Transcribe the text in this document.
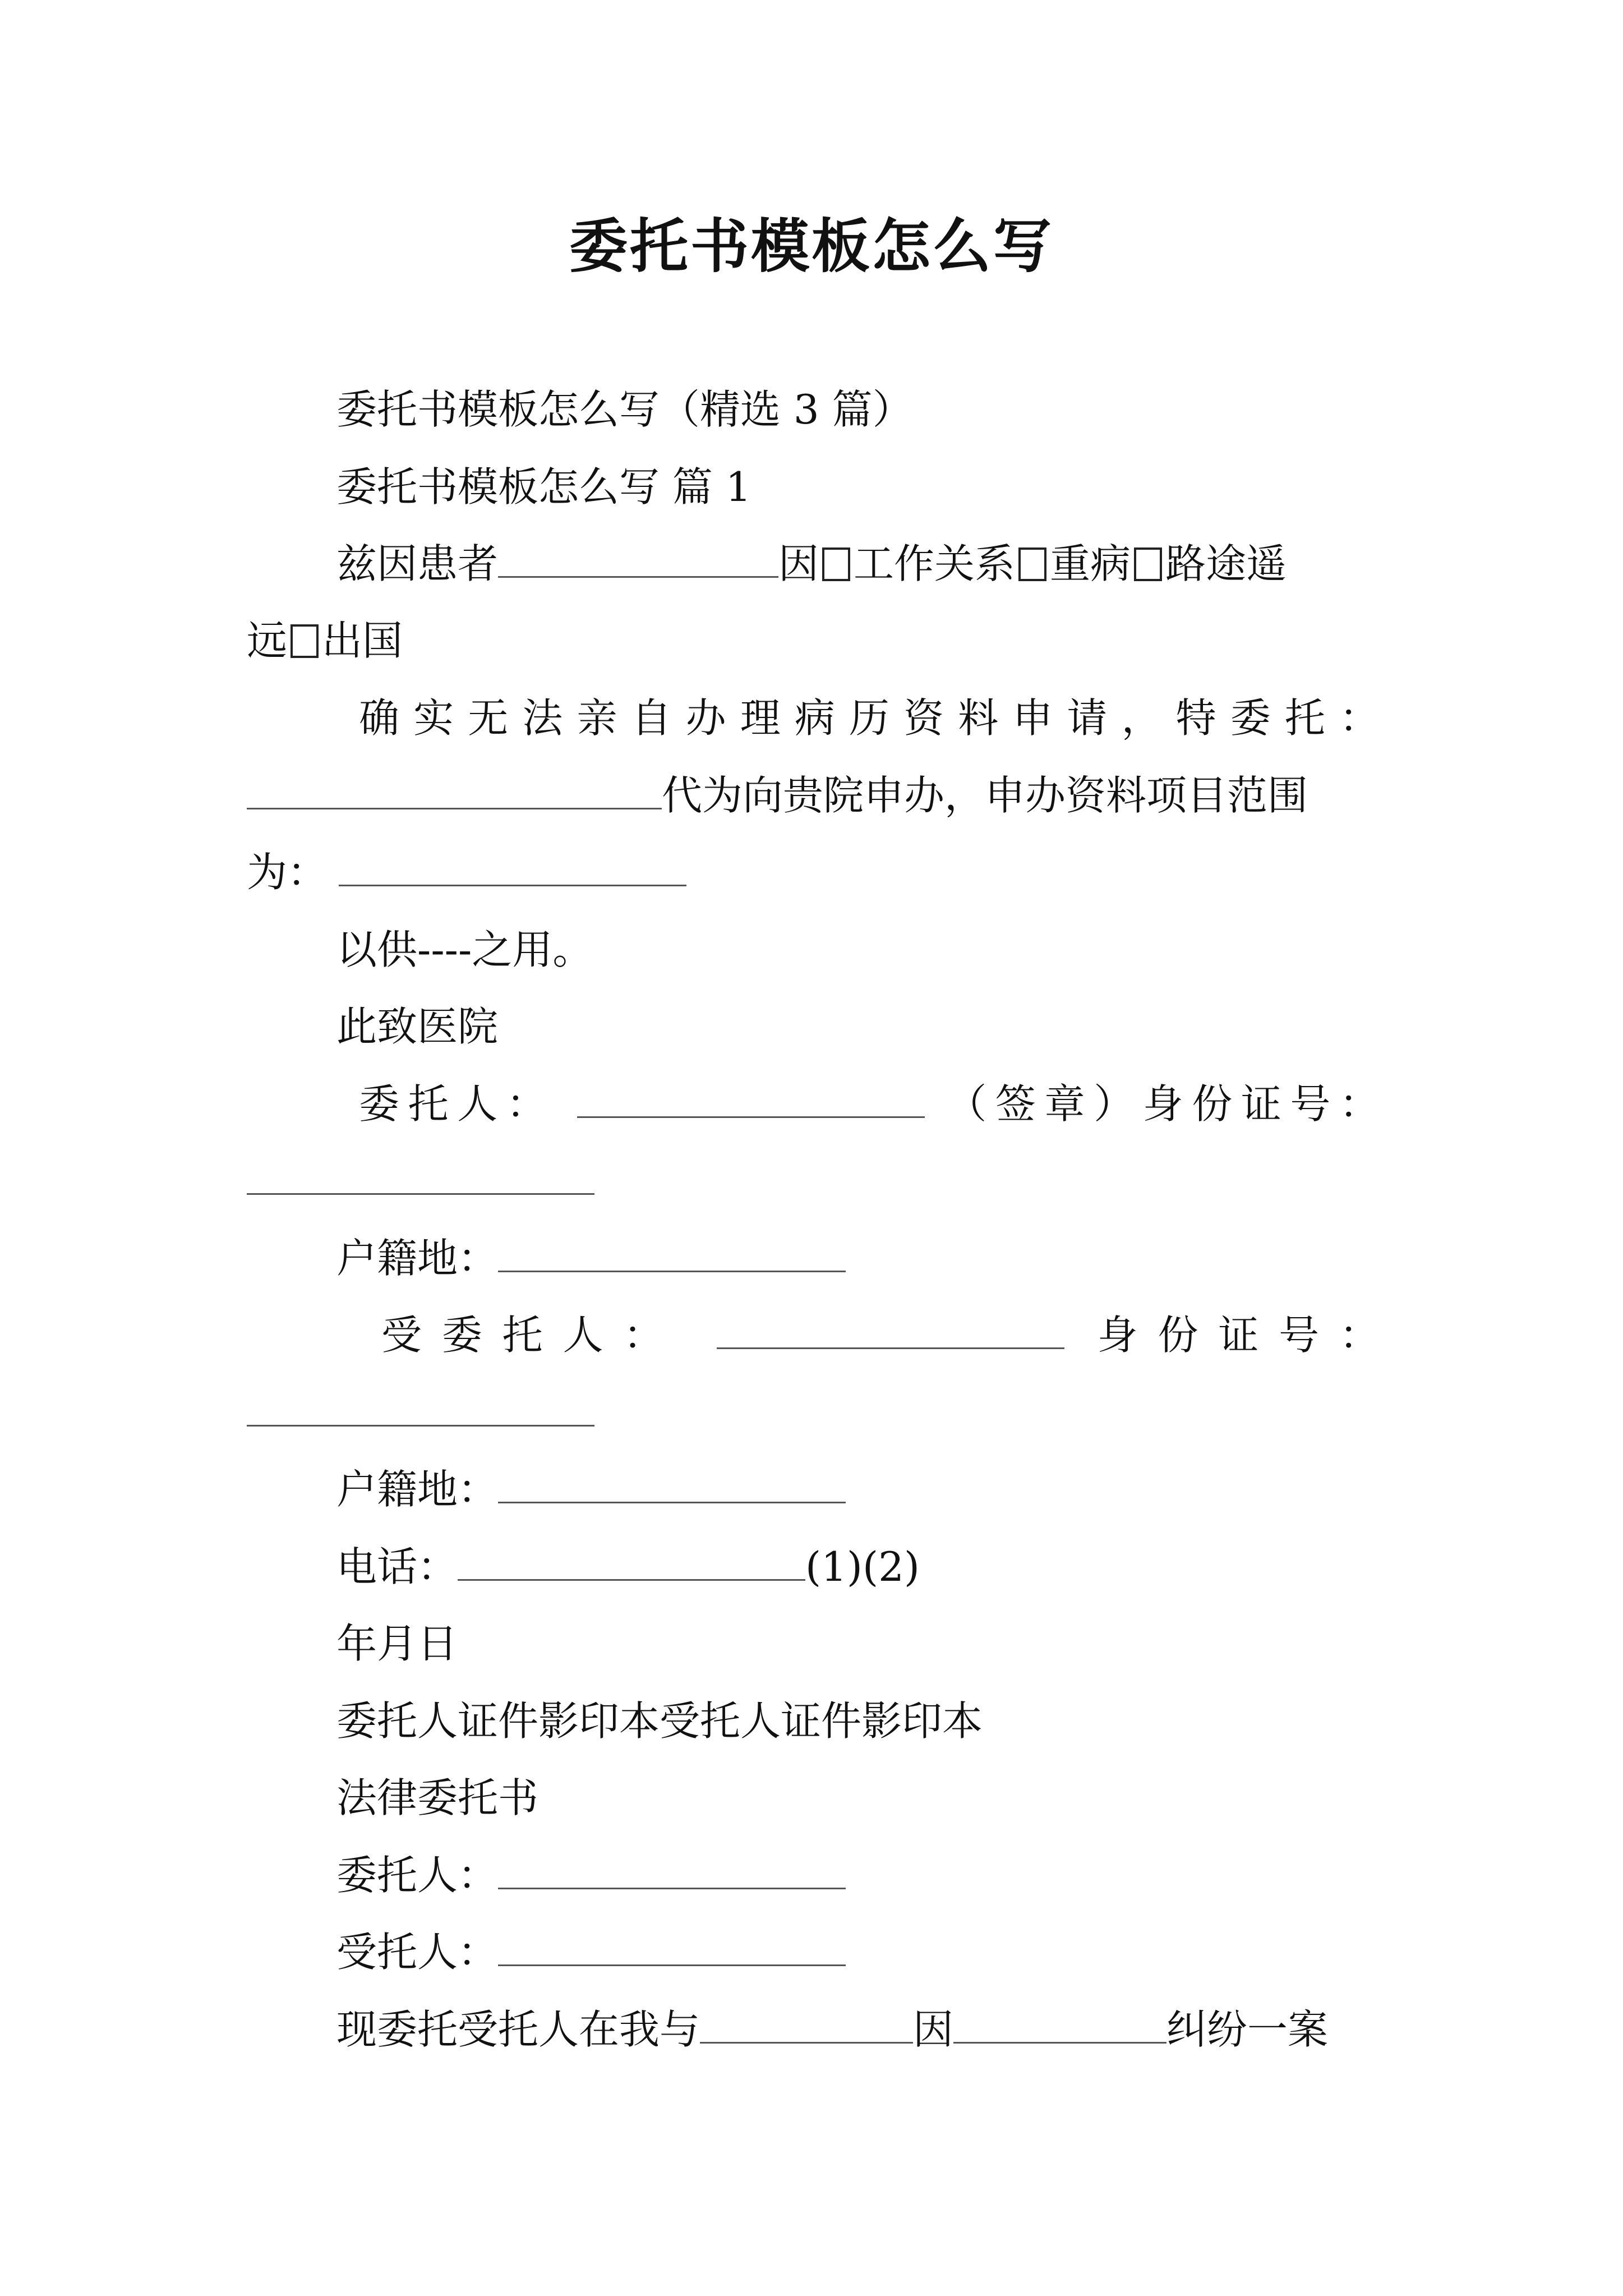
委托书模板怎么写
委托书模板怎么写（精选 3 篇）
委托书模板怎么写 篇 1
兹因患者	因 工作关系 重病 路途遥
远 出国
确实无法亲自办理病历资料申请，特委托：
代为向贵院申办，申办资料项目范围
为：
以供----之用。
此致医院
委托人：	（签章）身份证号：
户籍地：
受委托人：	身份证号：
户籍地：
电话：	(1)(2)
年月日
委托人证件影印本受托人证件影印本
法律委托书
委托人：
受托人：
现委托受托人在我与	因	纠纷一案
